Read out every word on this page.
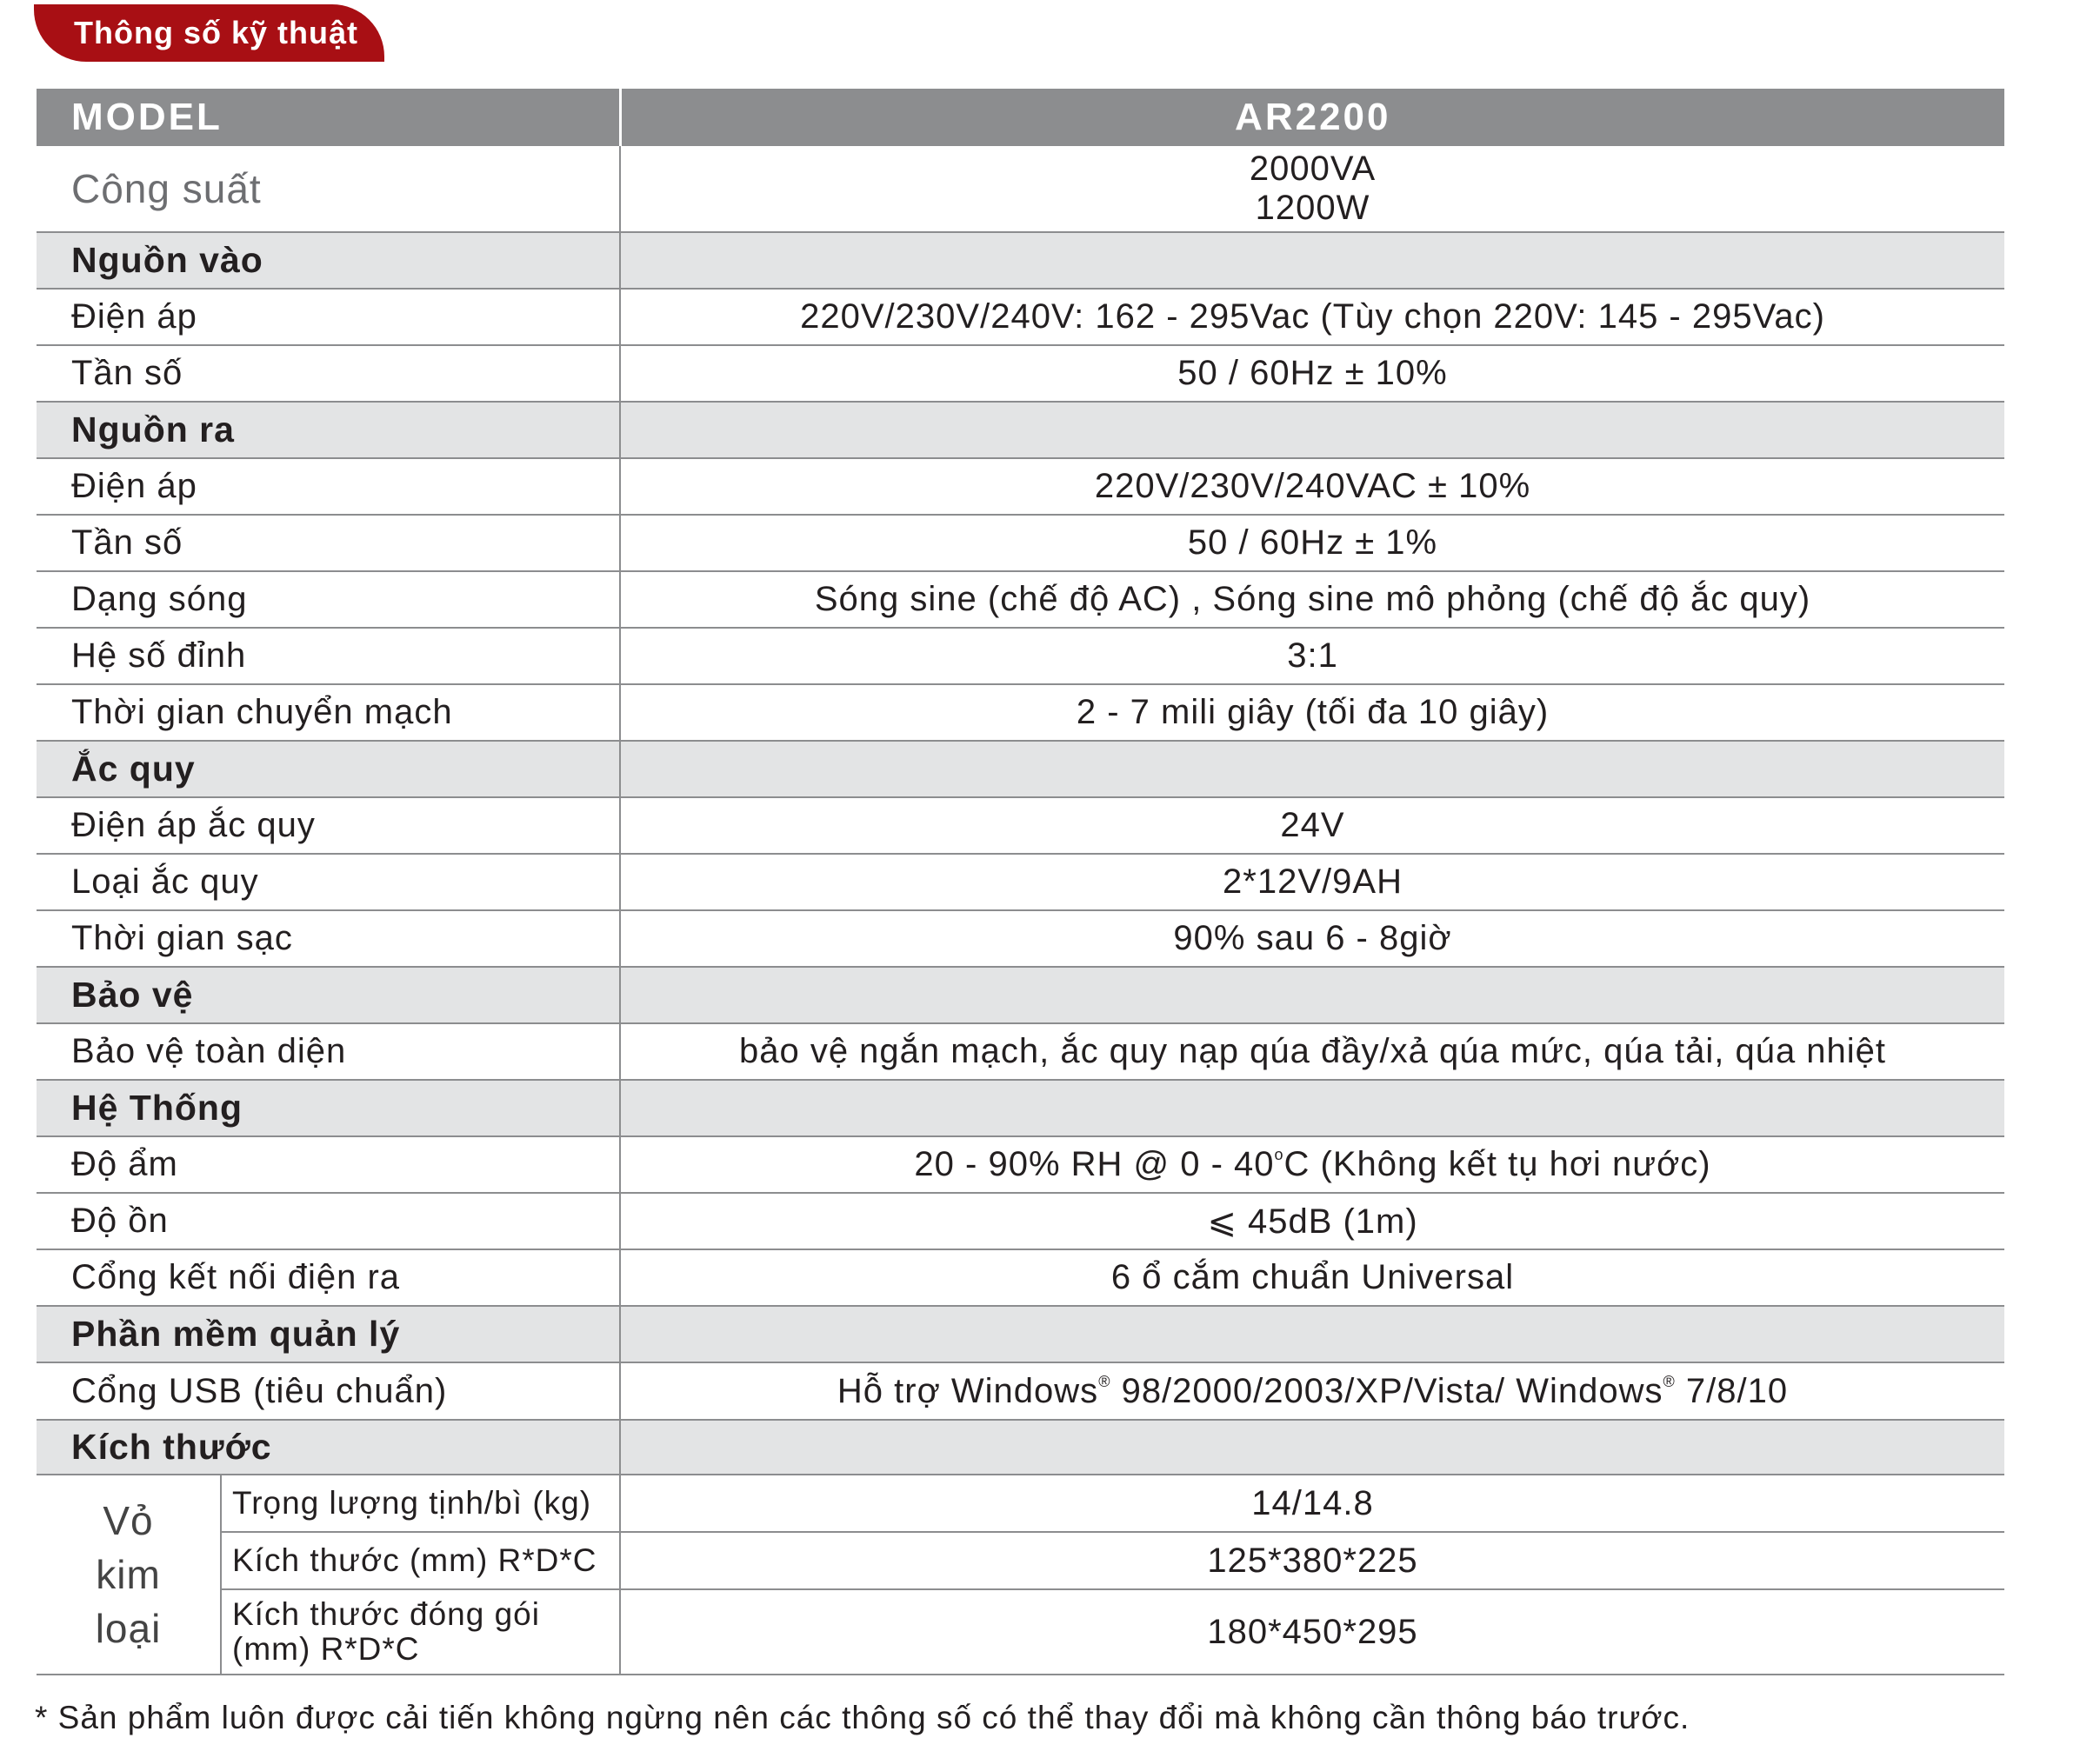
Thông số kỹ thuật
MODEL		AR2200
Công suất		2000VA
1200W

Nguồn vào		
Điện áp		220V/230V/240V: 162 - 295Vac (Tùy chọn 220V: 145 - 295Vac)
Tần số		50 / 60Hz ± 10%
Nguồn ra		
Điện áp		220V/230V/240VAC ± 10%
Tần số		50 / 60Hz ± 1%
Dạng sóng		Sóng sine (chế độ AC) , Sóng sine mô phỏng (chế độ ắc quy)
Hệ số đỉnh		3:1
Thời gian chuyển mạch		2 - 7 mili giây (tối đa 10 giây)
Ắc quy		
Điện áp ắc quy		24V
Loại ắc quy		2*12V/9AH
Thời gian sạc		90% sau 6 - 8giờ
Bảo vệ		
Bảo vệ toàn diện		bảo vệ ngắn mạch, ắc quy nạp qúa đầy/xả qúa mức, qúa tải, qúa nhiệt
Hệ Thống		
Độ ẩm		20 - 90% RH @ 0 - 40$^o$C (Không kết tụ hơi nước)
Độ ồn		⩽ 45dB (1m)
Cổng kết nối điện ra		6 ổ cắm chuẩn Universal
Phần mềm quản lý		
Cổng USB (tiêu chuẩn)		Hỗ trợ Windows® 98/2000/2003/XP/Vista/ Windows® 7/8/10
Kích thước		

Vỏ
kim
loại	Trọng lượng tịnh/bì (kg)	14/14.8
	Kích thước (mm) R*D*C	125*380*225

	Kích thước đóng gói
(mm) R*D*C	180*450*295
* Sản phẩm luôn được cải tiến không ngừng nên các thông số có thể thay đổi mà không cần thông báo trước.
